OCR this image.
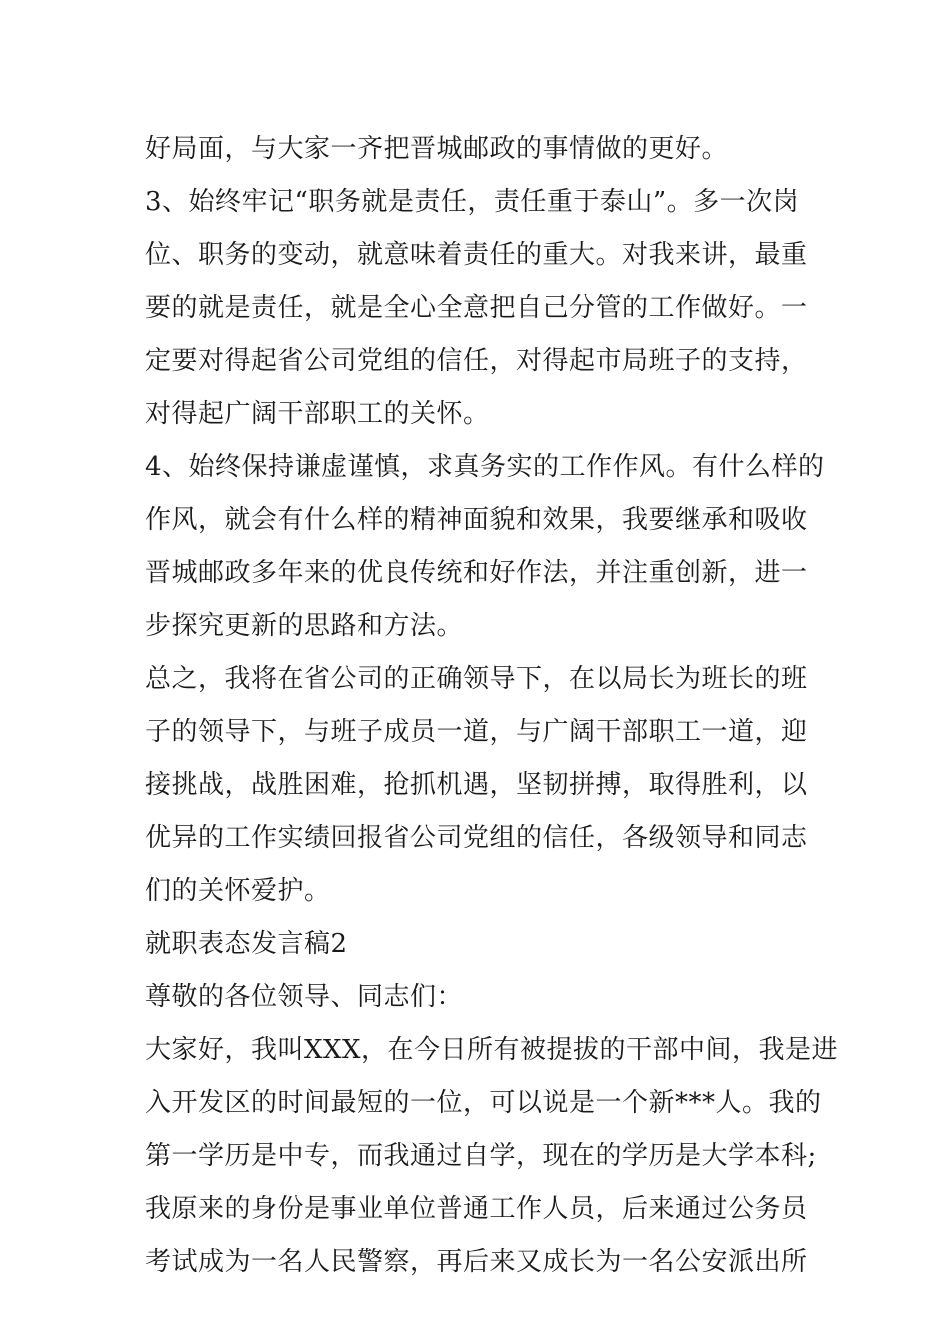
好局面，与大家一齐把晋城邮政的事情做的更好。
3、始终牢记“职务就是责任，责任重于泰山”。多一次岗
位、职务的变动，就意味着责任的重大。对我来讲，最重
要的就是责任，就是全心全意把自己分管的工作做好。一
定要对得起省公司党组的信任，对得起市局班子的支持，
对得起广阔干部职工的关怀。
4、始终保持谦虚谨慎，求真务实的工作作风。有什么样的
作风，就会有什么样的精神面貌和效果，我要继承和吸收
晋城邮政多年来的优良传统和好作法，并注重创新，进一
步探究更新的思路和方法。
总之，我将在省公司的正确领导下，在以局长为班长的班
子的领导下，与班子成员一道，与广阔干部职工一道，迎
接挑战，战胜困难，抢抓机遇，坚韧拼搏，取得胜利，以
优异的工作实绩回报省公司党组的信任，各级领导和同志
们的关怀爱护。
就职表态发言稿2
尊敬的各位领导、同志们：
大家好，我叫XXX，在今日所有被提拔的干部中间，我是进
入开发区的时间最短的一位，可以说是一个新***人。我的
第一学历是中专，而我通过自学，现在的学历是大学本科;
我原来的身份是事业单位普通工作人员，后来通过公务员
考试成为一名人民警察，再后来又成长为一名公安派出所
